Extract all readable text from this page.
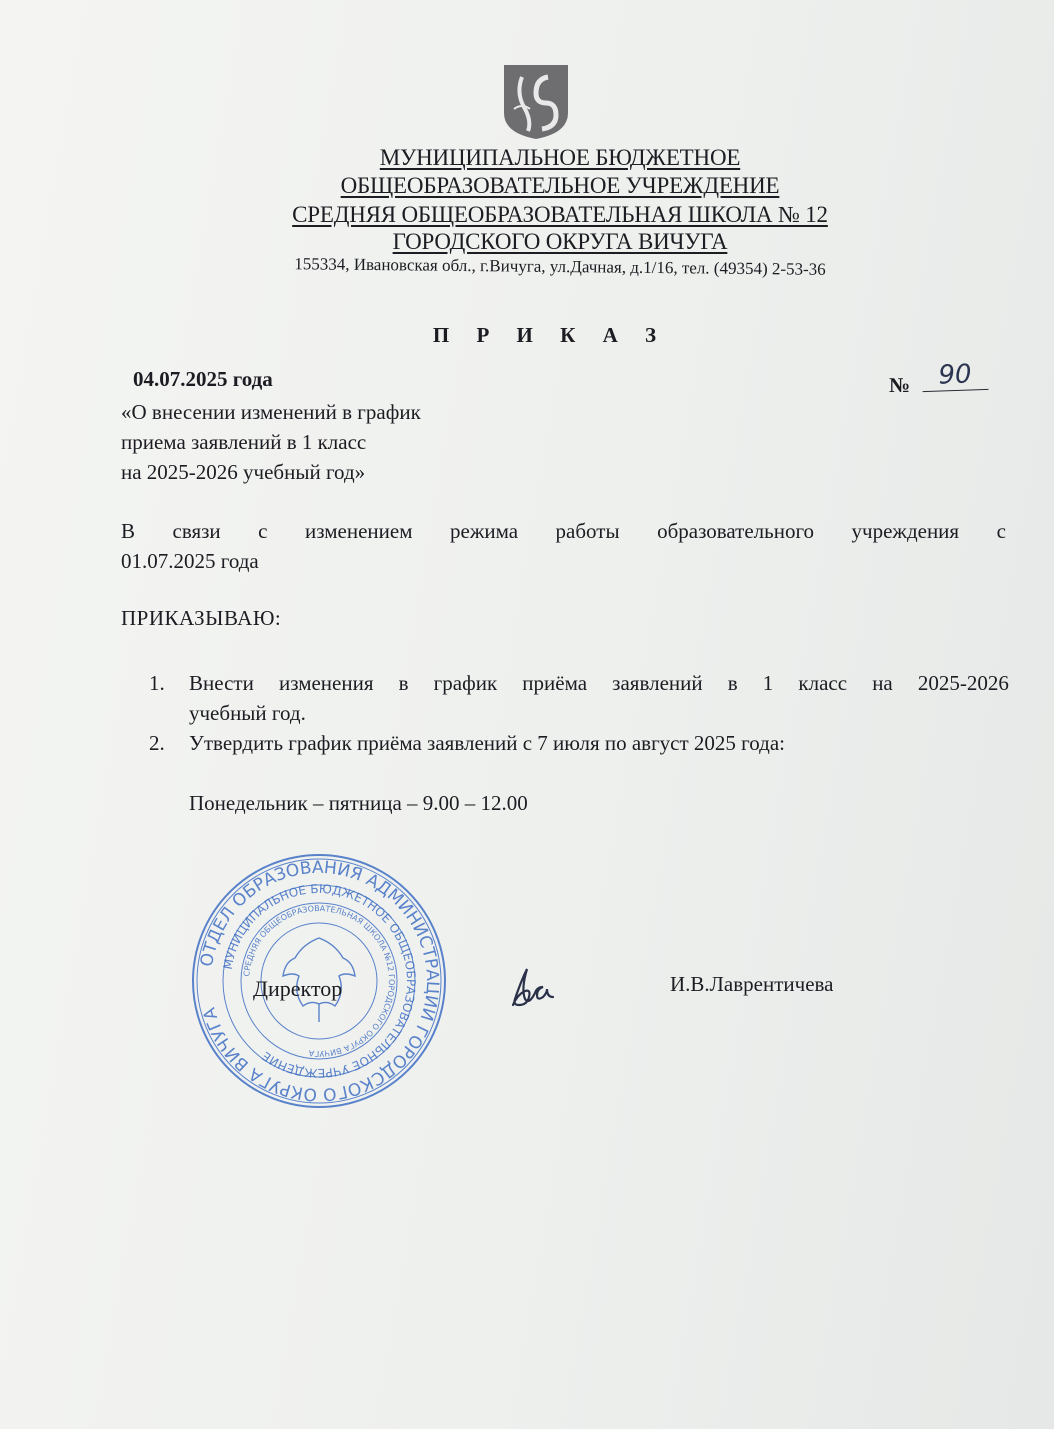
МУНИЦИПАЛЬНОЕ БЮДЖЕТНОЕ
ОБЩЕОБРАЗОВАТЕЛЬНОЕ УЧРЕЖДЕНИЕ
СРЕДНЯЯ ОБЩЕОБРАЗОВАТЕЛЬНАЯ ШКОЛА № 12
ГОРОДСКОГО ОКРУГА ВИЧУГА
155334, Ивановская обл., г.Вичуга, ул.Дачная, д.1/16, тел. (49354) 2-53-36
П Р И К А З
04.07.2025 года	№	90
«О внесении изменений в график
приема заявлений в 1 класс
на 2025-2026 учебный год»
В связи с изменением режима работы образовательного учреждения с
01.07.2025 года
ПРИКАЗЫВАЮ:
1.	Внести изменения в график приёма заявлений в 1 класс на 2025-2026
учебный год.
2.	Утвердить график приёма заявлений с 7 июля по август 2025 года:
Понедельник – пятница – 9.00 – 12.00
ОТДЕЛ ОБРАЗОВАНИЯ АДМИНИСТРАЦИИ ГОРОДСКОГО ОКРУГА ВИЧУГА
МУНИЦИПАЛЬНОЕ БЮДЖЕТНОЕ ОБЩЕОБРАЗОВАТЕЛЬНОЕ УЧРЕЖДЕНИЕ
СРЕДНЯЯ ОБЩЕОБРАЗОВАТЕЛЬНАЯ ШКОЛА №12 ГОРОДСКОГО ОКРУГА ВИЧУГА
Директор	И.В.Лаврентичева
